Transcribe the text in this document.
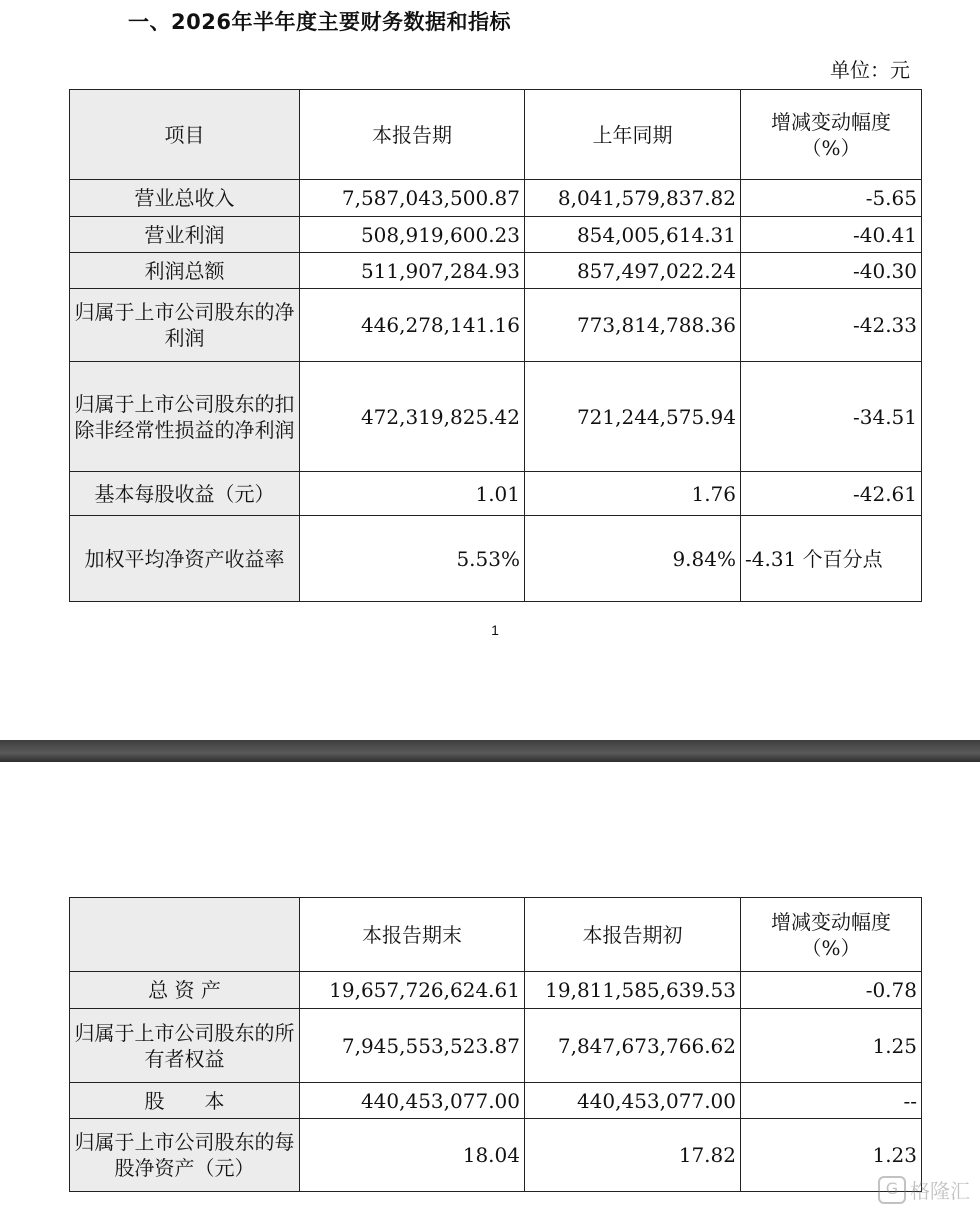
一、2026年半年度主要财务数据和指标
单位：元
项目	本报告期	上年同期	增减变动幅度
（%）

营业总收入	7,587,043,500.87	8,041,579,837.82	-5.65
营业利润	508,919,600.23	854,005,614.31	-40.41
利润总额	511,907,284.93	857,497,022.24	-40.30
归属于上市公司股东的净利润	446,278,141.16	773,814,788.36	-42.33
归属于上市公司股东的扣除非经常性损益的净利润	472,319,825.42	721,244,575.94	-34.51
基本每股收益（元）	1.01	1.76	-42.61
加权平均净资产收益率	5.53%	9.84%	-4.31 个百分点
1
	本报告期末	本报告期初	增减变动幅度
（%）

总 资 产	19,657,726,624.61	19,811,585,639.53	-0.78
归属于上市公司股东的所有者权益	7,945,553,523.87	7,847,673,766.62	1.25
股　　本	440,453,077.00	440,453,077.00	--
归属于上市公司股东的每股净资产（元）	18.04	17.82	1.23
G 格隆汇
